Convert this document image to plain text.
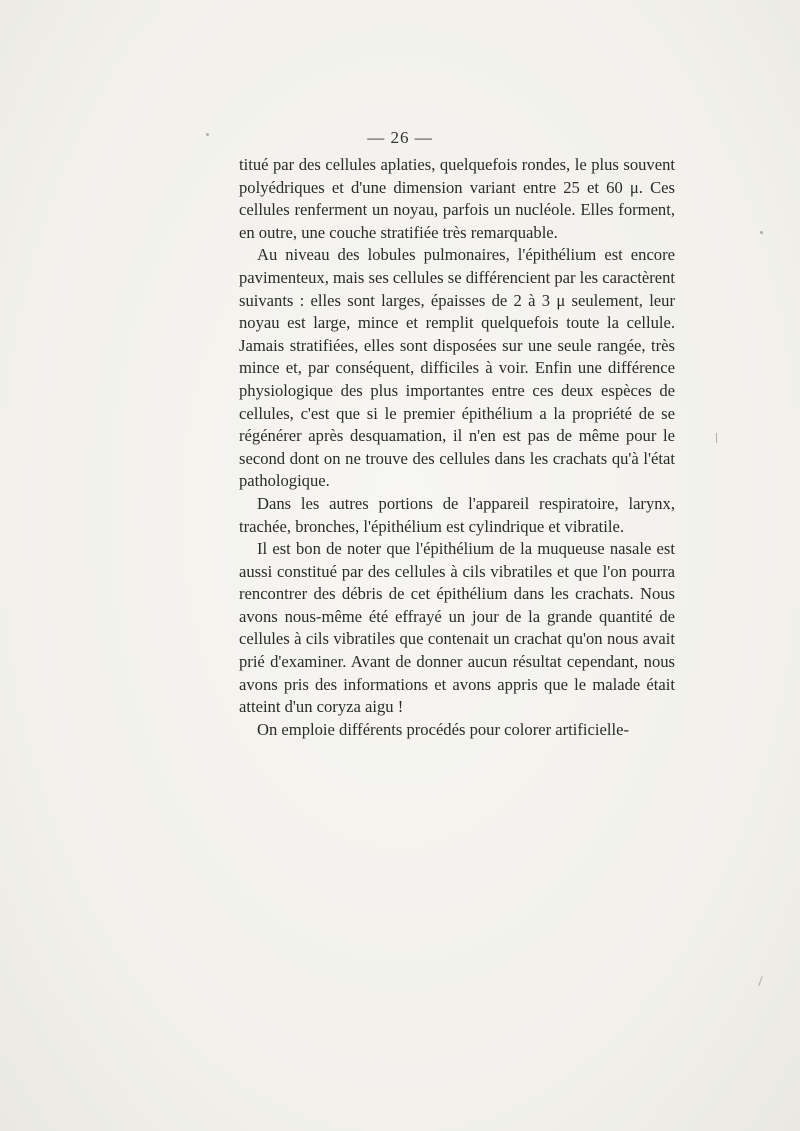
— 26 —

titué par des cellules aplaties, quelquefois rondes, le plus souvent polyédriques et d'une dimension variant entre 25 et 60 μ. Ces cellules renferment un noyau, parfois un nucléole. Elles forment, en outre, une couche stratifiée très remarquable.

Au niveau des lobules pulmonaires, l'épithélium est encore pavimenteux, mais ses cellules se différencient par les caractèrent suivants : elles sont larges, épaisses de 2 à 3 μ seulement, leur noyau est large, mince et remplit quelquefois toute la cellule. Jamais stratifiées, elles sont disposées sur une seule rangée, très mince et, par conséquent, difficiles à voir. Enfin une différence physiologique des plus importantes entre ces deux espèces de cellules, c'est que si le premier épithélium a la propriété de se régénérer après desquamation, il n'en est pas de même pour le second dont on ne trouve des cellules dans les crachats qu'à l'état pathologique.

Dans les autres portions de l'appareil respiratoire, larynx, trachée, bronches, l'épithélium est cylindrique et vibratile.

Il est bon de noter que l'épithélium de la muqueuse nasale est aussi constitué par des cellules à cils vibratiles et que l'on pourra rencontrer des débris de cet épithélium dans les crachats. Nous avons nous-même été effrayé un jour de la grande quantité de cellules à cils vibratiles que contenait un crachat qu'on nous avait prié d'examiner. Avant de donner aucun résultat cependant, nous avons pris des informations et avons appris que le malade était atteint d'un coryza aigu !

On emploie différents procédés pour colorer artificielle-
